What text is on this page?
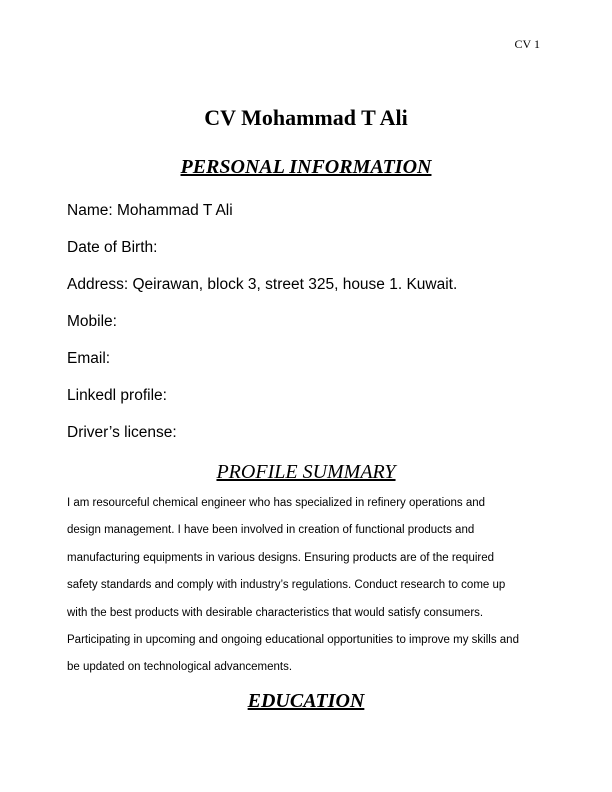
CV 1
CV Mohammad T Ali
PERSONAL INFORMATION
Name: Mohammad T Ali
Date of Birth:
Address: Qeirawan, block 3, street 325, house 1. Kuwait.
Mobile:
Email:
Linkedl profile:
Driver’s license:
PROFILE SUMMARY
I am resourceful chemical engineer who has specialized in refinery operations and
design management. I have been involved in creation of functional products and
manufacturing equipments in various designs. Ensuring products are of the required
safety standards and comply with industry’s regulations. Conduct research to come up
with the best products with desirable characteristics that would satisfy consumers.
Participating in upcoming and ongoing educational opportunities to improve my skills and
be updated on technological advancements.
EDUCATION
